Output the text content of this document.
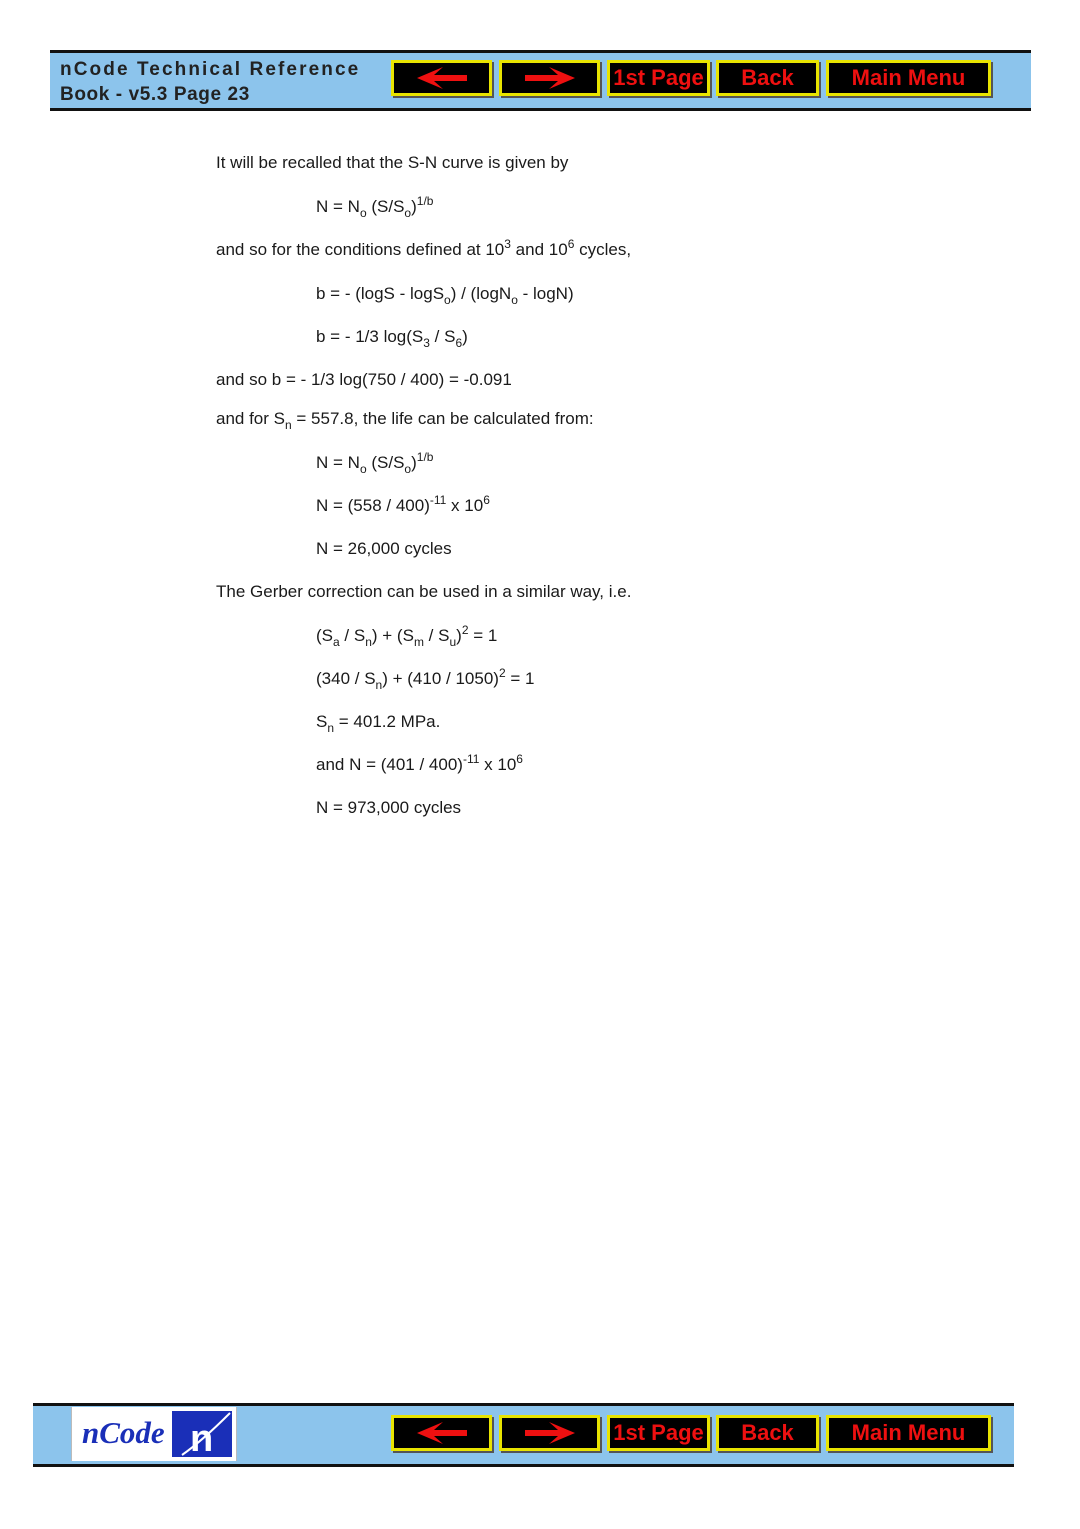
nCode Technical Reference
Book - v5.3 Page 23
1st Page	Back	Main Menu
It will be recalled that the S-N curve is given by
$N = N_o$ $(S/S_o)^{1/b}$
and so for the conditions defined at $10^3$ and $10^6$ cycles,
b = - (logS - logS$_o$) / (logN$_o$ - logN)
b = - 1/3 $\log(S_3 / S_6)$
and so b = - 1/3 log(750 / 400) = -0.091
and for $S_n = 557.8$, the life can be calculated from:
$N = N_o$ $(S/S_o)^{1/b}$
N = (558 / 400)$^{-11}$ x $10^6$
N = 26,000 cycles
The Gerber correction can be used in a similar way, i.e.
$(S_a / S_n) + (S_m / S_u)^2 = 1$
$(340 / S_n) + (410 / 1050)^2 = 1$
$S_n = 401.2$ MPa.
and N = (401 / 400)$^{-11}$ x $10^6$
N = 973,000 cycles
nCode n	1st Page	Back	Main Menu
